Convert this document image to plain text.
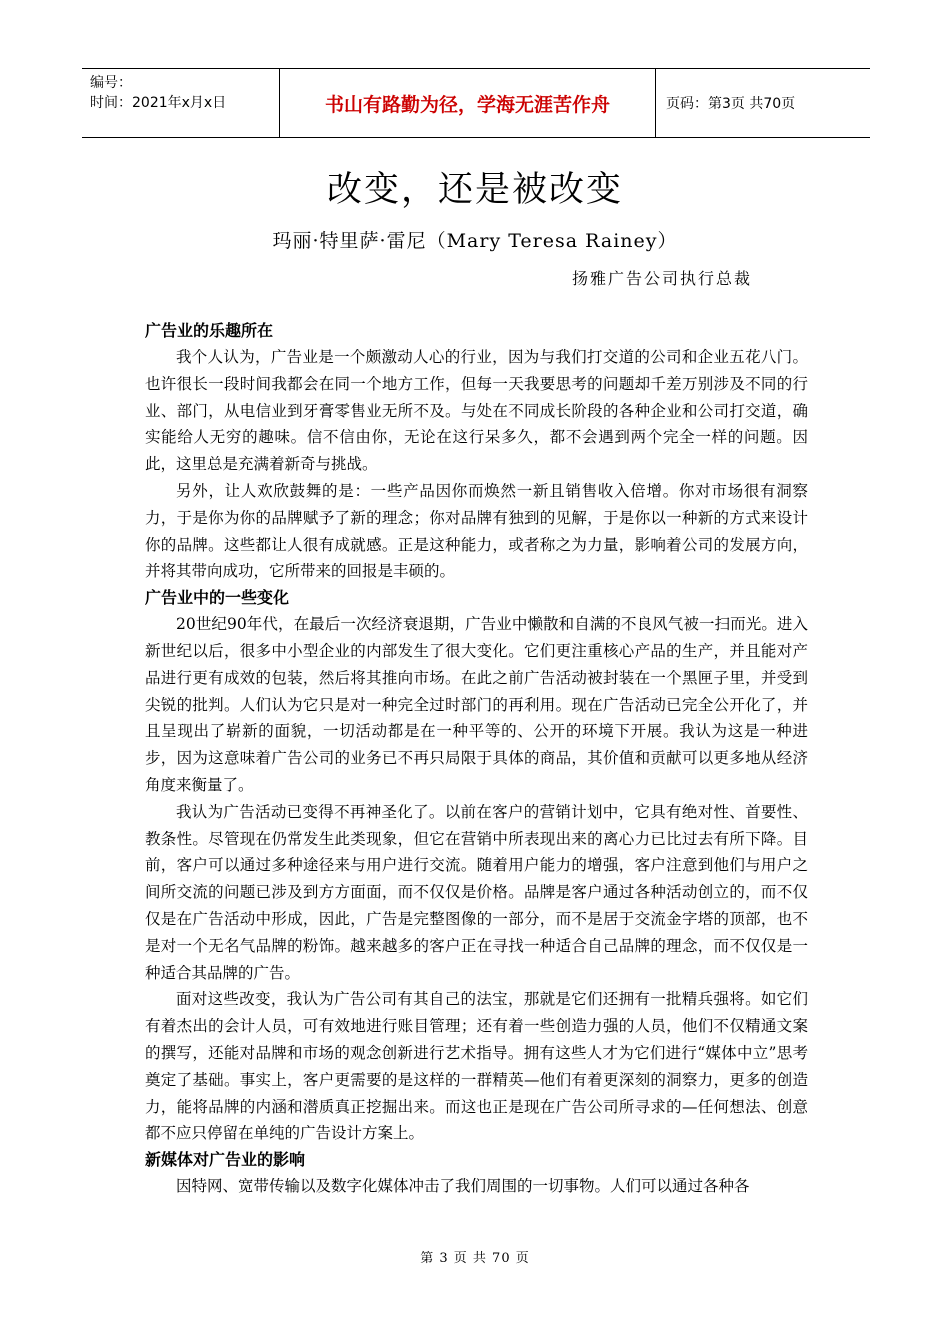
编号：
时间：2021年x月x日	书山有路勤为径，学海无涯苦作舟	页码：第3页 共70页
改变，还是被改变
玛丽·特里萨·雷尼（Mary Teresa Rainey）
扬雅广告公司执行总裁
广告业的乐趣所在

我个人认为，广告业是一个颇激动人心的行业，因为与我们打交道的公司和企业五花八门。也许很长一段时间我都会在同一个地方工作，但每一天我要思考的问题却千差万别涉及不同的行业、部门，从电信业到牙膏零售业无所不及。与处在不同成长阶段的各种企业和公司打交道，确实能给人无穷的趣味。信不信由你，无论在这行呆多久，都不会遇到两个完全一样的问题。因此，这里总是充满着新奇与挑战。

另外，让人欢欣鼓舞的是：一些产品因你而焕然一新且销售收入倍增。你对市场很有洞察力，于是你为你的品牌赋予了新的理念；你对品牌有独到的见解，于是你以一种新的方式来设计你的品牌。这些都让人很有成就感。正是这种能力，或者称之为力量，影响着公司的发展方向，并将其带向成功，它所带来的回报是丰硕的。

广告业中的一些变化

20世纪90年代，在最后一次经济衰退期，广告业中懒散和自满的不良风气被一扫而光。进入新世纪以后，很多中小型企业的内部发生了很大变化。它们更注重核心产品的生产，并且能对产品进行更有成效的包装，然后将其推向市场。在此之前广告活动被封装在一个黑匣子里，并受到尖锐的批判。人们认为它只是对一种完全过时部门的再利用。现在广告活动已完全公开化了，并且呈现出了崭新的面貌，一切活动都是在一种平等的、公开的环境下开展。我认为这是一种进步，因为这意味着广告公司的业务已不再只局限于具体的商品，其价值和贡献可以更多地从经济角度来衡量了。

我认为广告活动已变得不再神圣化了。以前在客户的营销计划中，它具有绝对性、首要性、教条性。尽管现在仍常发生此类现象，但它在营销中所表现出来的离心力已比过去有所下降。目前，客户可以通过多种途径来与用户进行交流。随着用户能力的增强，客户注意到他们与用户之间所交流的问题已涉及到方方面面，而不仅仅是价格。品牌是客户通过各种活动创立的，而不仅仅是在广告活动中形成，因此，广告是完整图像的一部分，而不是居于交流金字塔的顶部，也不是对一个无名气品牌的粉饰。越来越多的客户正在寻找一种适合自己品牌的理念，而不仅仅是一种适合其品牌的广告。

面对这些改变，我认为广告公司有其自己的法宝，那就是它们还拥有一批精兵强将。如它们有着杰出的会计人员，可有效地进行账目管理；还有着一些创造力强的人员，他们不仅精通文案的撰写，还能对品牌和市场的观念创新进行艺术指导。拥有这些人才为它们进行“媒体中立”思考奠定了基础。事实上，客户更需要的是这样的一群精英—他们有着更深刻的洞察力，更多的创造力，能将品牌的内涵和潜质真正挖掘出来。而这也正是现在广告公司所寻求的—任何想法、创意都不应只停留在单纯的广告设计方案上。

新媒体对广告业的影响

因特网、宽带传输以及数字化媒体冲击了我们周围的一切事物。人们可以通过各种各

第 3 页 共 70 页
